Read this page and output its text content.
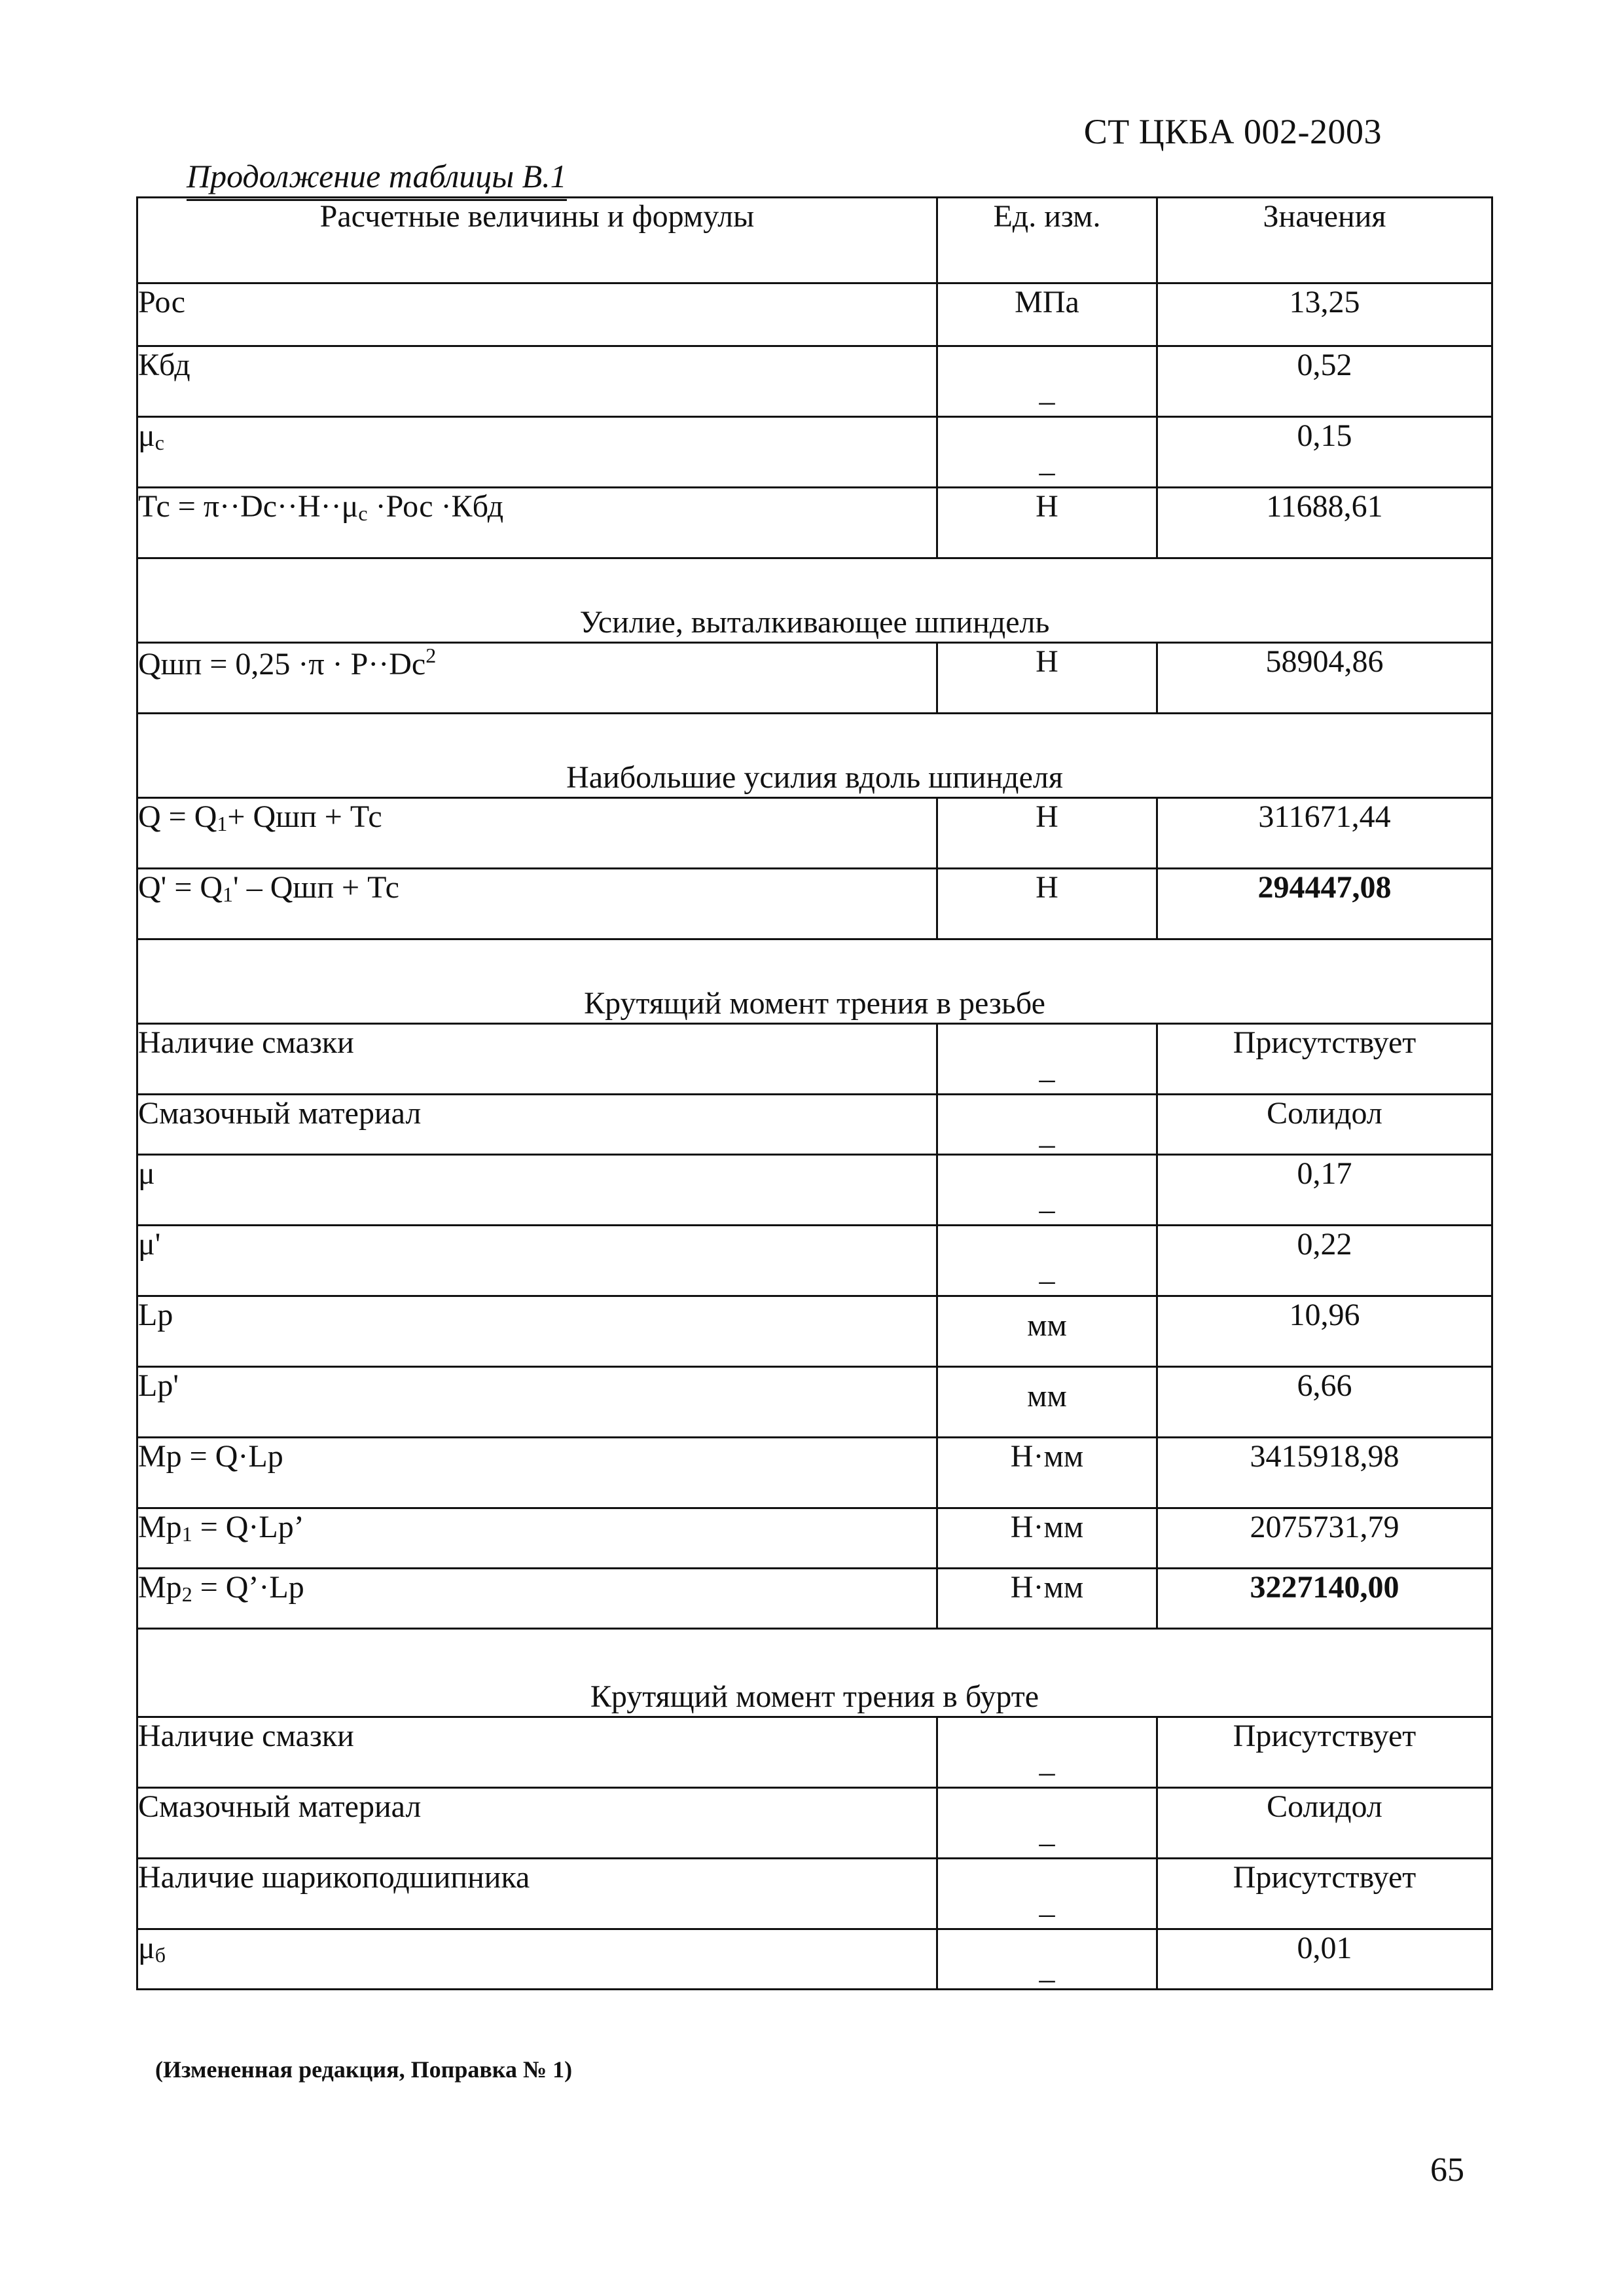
СТ ЦКБА 002-2003
Продолжение таблицы В.1
Расчетные величины и формулы	Ед. изм.	Значения
Рос	МПа	13,25
Кбд	_	0,52
μс	_	0,15
Тс = π··Dc··Н··μс ·Рос ·Кбд	Н	11688,61
Усилие, выталкивающее шпиндель		
Qшп = $0,25 \cdot\pi \cdot Р\cdot\cdot Dc^2$	Н	58904,86
Наибольшие усилия вдоль шпинделя		
Q = Q1+ Qшп + Тс	Н	311671,44
Q' = Q1' – Qшп + Тс	Н	294447,08
Крутящий момент трения в резьбе		
Наличие смазки	_	Присутствует
Смазочный материал	_	Солидол
μ	_	0,17
μ'	_	0,22
Lp	мм	10,96
Lp'	мм	6,66
Мр = Q·Lp	Н·мм	3415918,98
Мр1 = Q·Lp’	Н·мм	2075731,79
Мр2 = Q’·Lp	Н·мм	3227140,00
Крутящий момент трения в бурте		
Наличие смазки	_	Присутствует
Смазочный материал	_	Солидол
Наличие шарикоподшипника	_	Присутствует
μб	_	0,01
(Измененная редакция, Поправка № 1)
65
